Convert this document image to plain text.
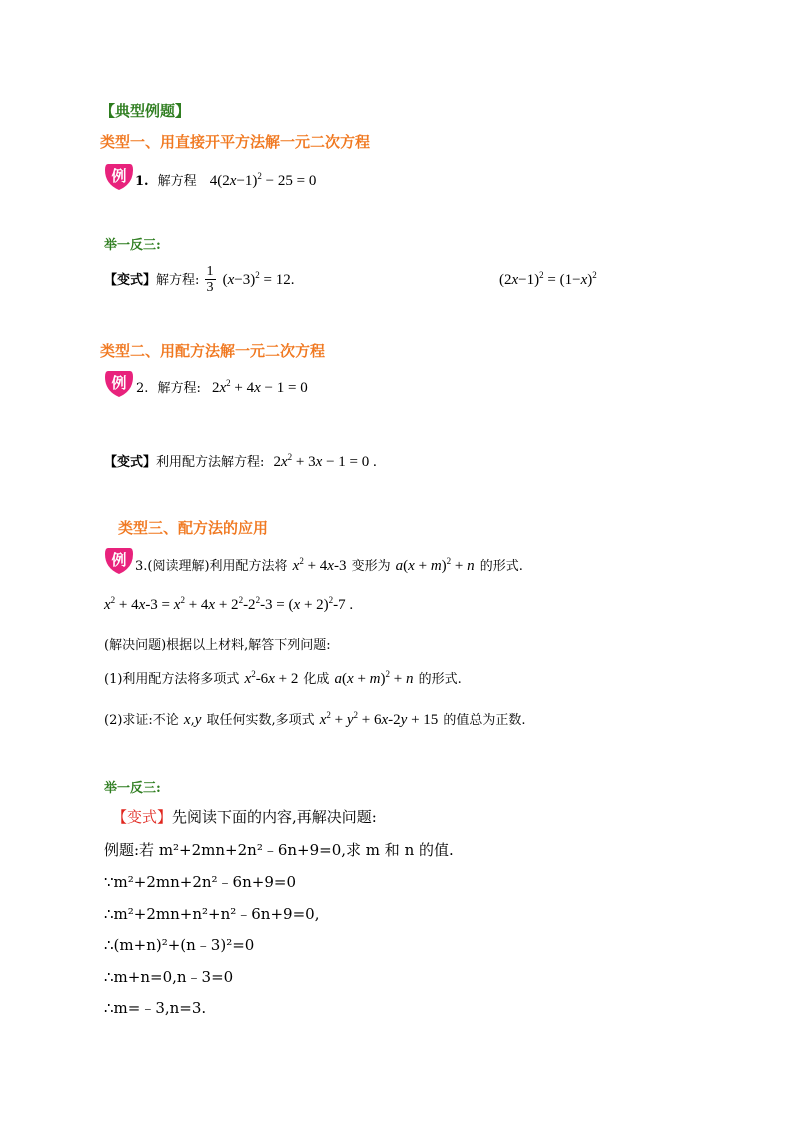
【典型例题】
类型一、用直接开平方法解一元二次方程
例 1. 解方程 $4(2x-1)^2 - 25 = 0$
举一反三:
【变式】解方程: $\frac{1}{3} (x-3)^2 = 12$.	$(2x-1)^2 = (1-x)^2$
类型二、用配方法解一元二次方程
例 2. 解方程: $2x^2 + 4x - 1 = 0$
【变式】利用配方法解方程: $2x^2 + 3x - 1 = 0$ .
类型三、配方法的应用
例 3.(阅读理解)利用配方法将 $x^2 + 4x-3$ 变形为 $a(x + m)^2 + n$ 的形式.
$x^2 + 4x-3 = x^2 + 4x + 2^2-2^2-3 = (x + 2)^2-7$ .
(解决问题)根据以上材料,解答下列问题:
(1)利用配方法将多项式 $x^2-6x + 2$ 化成 $a(x + m)^2 + n$ 的形式.
(2)求证:不论 x,y 取任何实数,多项式 $x^2 + y^2 + 6x-2y + 15$ 的值总为正数.
举一反三:
【变式】先阅读下面的内容,再解决问题:
例题:若 m²+2mn+2n²﹣6n+9=0,求 m 和 n 的值.
∵m²+2mn+2n²﹣6n+9=0
∴m²+2mn+n²+n²﹣6n+9=0,
∴(m+n)²+(n﹣3)²=0
∴m+n=0,n﹣3=0
∴m=﹣3,n=3.
